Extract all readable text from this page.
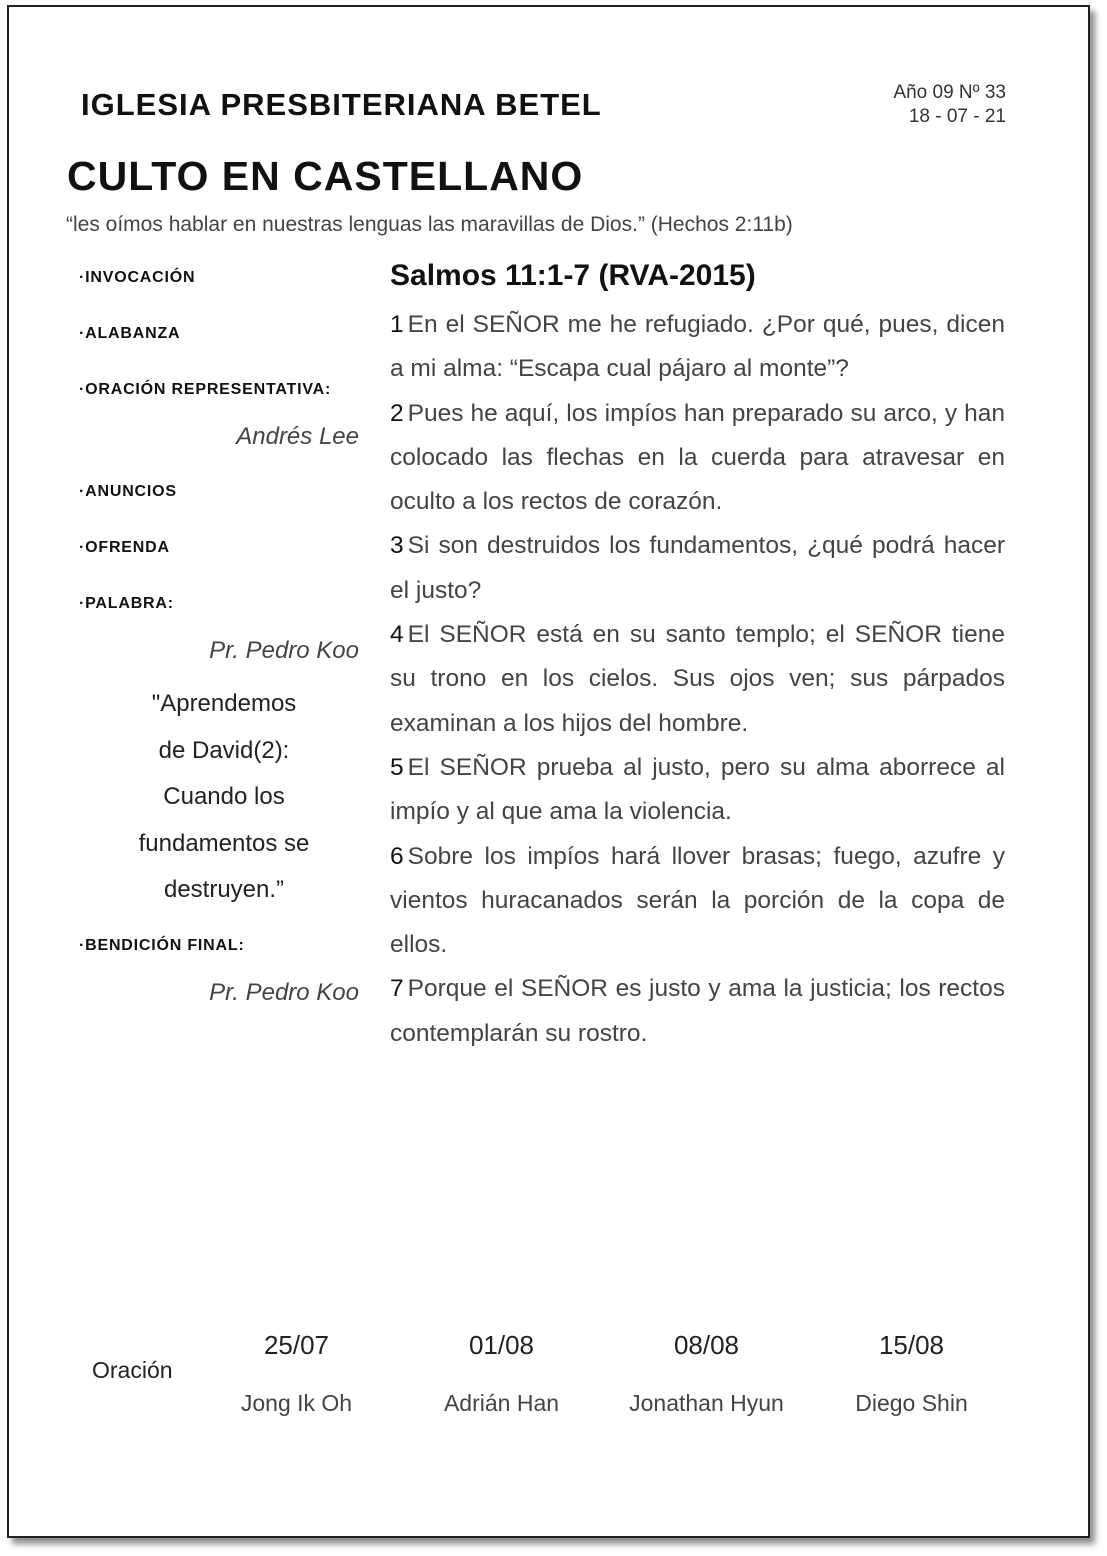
IGLESIA PRESBITERIANA BETEL	Año 09 Nº 33
18 - 07 - 21
CULTO EN CASTELLANO
“les oímos hablar en nuestras lenguas las maravillas de Dios.” (Hechos 2:11b)
·INVOCACIÓN
·ALABANZA
·ORACIÓN REPRESENTATIVA:
Andrés Lee
·ANUNCIOS
·OFRENDA
·PALABRA:
Pr. Pedro Koo
"Aprendemos
de David(2):
Cuando los
fundamentos se
destruyen.”
·BENDICIÓN FINAL:
Pr. Pedro Koo
Salmos 11:1-7 (RVA-2015)

1 En el SEÑOR me he refugiado. ¿Por qué, pues, dicen a mi alma: “Escapa cual pájaro al monte”?

2 Pues he aquí, los impíos han preparado su arco, y han colocado las flechas en la cuerda para atravesar en oculto a los rectos de corazón.

3 Si son destruidos los fundamentos, ¿qué podrá hacer el justo?

4 El SEÑOR está en su santo templo; el SEÑOR tiene su trono en los cielos. Sus ojos ven; sus párpados examinan a los hijos del hombre.

5 El SEÑOR prueba al justo, pero su alma aborrece al impío y al que ama la violencia.

6 Sobre los impíos hará llover brasas; fuego, azufre y vientos huracanados serán la porción de la copa de ellos.

7 Porque el SEÑOR es justo y ama la justicia; los rectos contemplarán su rostro.

Oración
25/07
Jong Ik Oh
01/08
Adrián Han
08/08
Jonathan Hyun
15/08
Diego Shin
